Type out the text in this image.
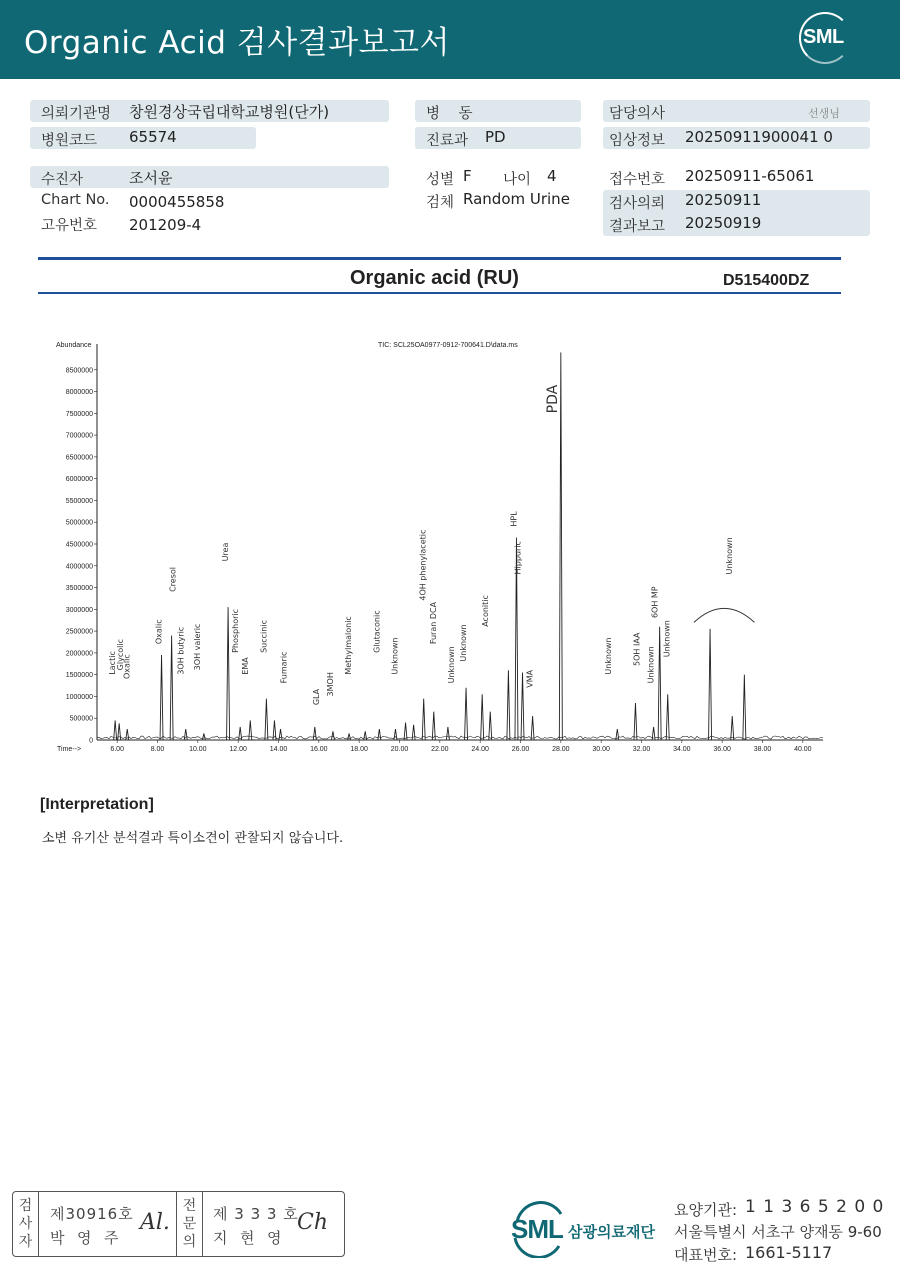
Organic Acid 검사결과보고서	SML
의뢰기관명 창원경상국립대학교병원(단가)
병원코드 65574
병    동
진료과 PD
담당의사	선생님
임상정보 20250911900041 0
수진자	조서윤
Chart No. 0000455858
고유번호 201209-4
성별 F 나이 4
검체 Random Urine
접수번호 20250911-65061
검사의뢰 20250911
결과보고 20250919
Organic acid (RU)	D515400DZ
Abundance
Time-->
TIC: SCL25OA0977-0912-700641.D\data.ms
500000
1000000
1500000
2000000
2500000
3000000
3500000
4000000
4500000
5000000
5500000
6000000
6500000
7000000
7500000
8000000
8500000
0
6.00	8.00	10.00	12.00	14.00	16.00	18.00	20.00	22.00	24.00	26.00	28.00	30.00	32.00	34.00	36.00	38.00	40.00
Lactic Glycolic
Oxalic
Oxalic
Cresol
3OH butyric 3OH valeric
Urea
Phosphoric
EMA
Succinic
Fumaric
GLA
3MOH
Methylmalonic Glutaconic
Unknown
4OH phenylacetic
Furan DCA
Unknown
Unknown
Aconitic
HPL
Hippuric
VMA
PDA
Unknown 5OH IAA Unknown
6OH MP
Unknown
Unknown
[Interpretation]
소변 유기산 분석결과 특이소견이 관찰되지 않습니다.
검
사
자
제30916호
박  영  주
Al.
전
문
의
제 3 3 3 호
지  현  영
Ch	SML 삼광의료재단
요양기관: 1 1 3 6 5 2 0 0
서울특별시 서초구 양재동 9-60
대표번호: 1661-5117
